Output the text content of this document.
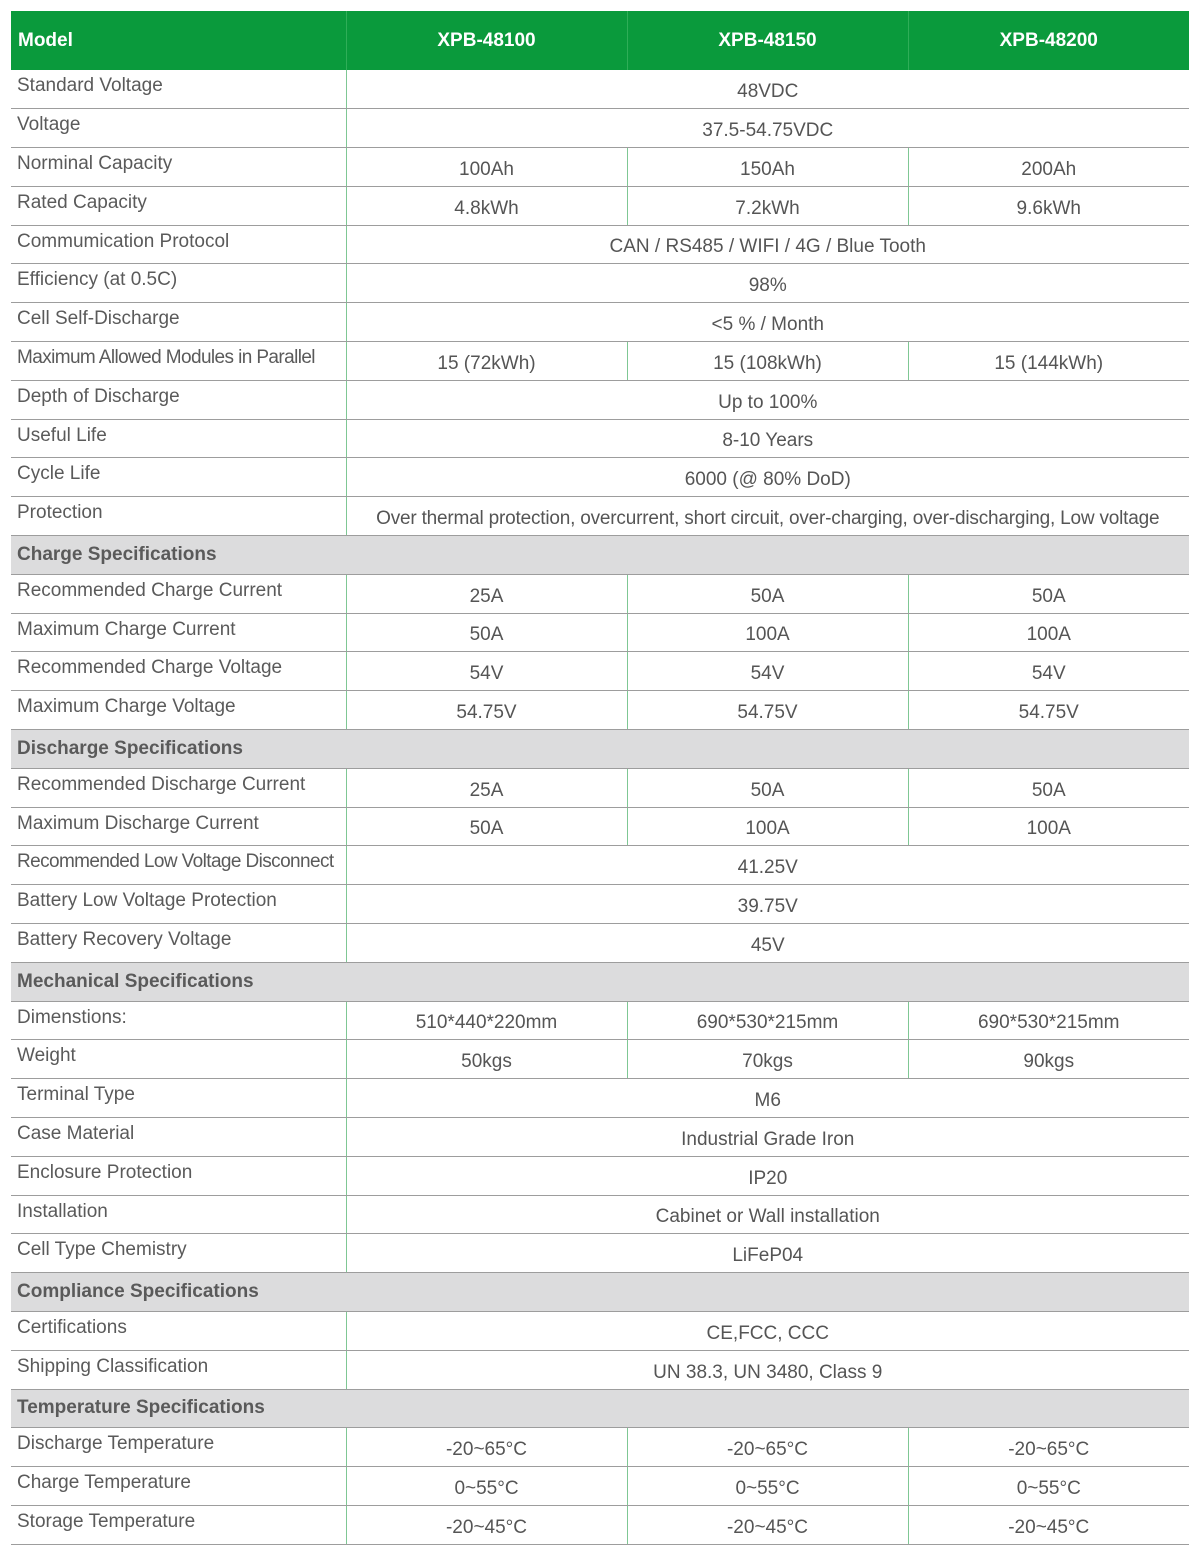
Model	XPB-48100	XPB-48150	XPB-48200
Standard Voltage	48VDC		
Voltage	37.5-54.75VDC		
Norminal Capacity	100Ah	150Ah	200Ah
Rated Capacity	4.8kWh	7.2kWh	9.6kWh
Commumication Protocol	CAN / RS485 / WIFI / 4G / Blue Tooth		
Efficiency (at 0.5C)	98%		
Cell Self-Discharge	<5 % / Month		
Maximum Allowed Modules in Parallel	15 (72kWh)	15 (108kWh)	15 (144kWh)
Depth of Discharge	Up to 100%		
Useful Life	8-10 Years		
Cycle Life	6000 (@ 80% DoD)		
Protection	Over thermal protection, overcurrent, short circuit, over-charging, over-discharging, Low voltage		
Charge Specifications			
Recommended Charge Current	25A	50A	50A
Maximum Charge Current	50A	100A	100A
Recommended Charge Voltage	54V	54V	54V
Maximum Charge Voltage	54.75V	54.75V	54.75V
Discharge Specifications			
Recommended Discharge Current	25A	50A	50A
Maximum Discharge Current	50A	100A	100A
Recommended Low Voltage Disconnect	41.25V		
Battery Low Voltage Protection	39.75V		
Battery Recovery Voltage	45V		
Mechanical Specifications			
Dimenstions:	510*440*220mm	690*530*215mm	690*530*215mm
Weight	50kgs	70kgs	90kgs
Terminal Type	M6		
Case Material	Industrial Grade Iron		
Enclosure Protection	IP20		
Installation	Cabinet or Wall installation		
Cell Type Chemistry	LiFeP04		
Compliance Specifications			
Certifications	CE,FCC, CCC		
Shipping Classification	UN 38.3, UN 3480, Class 9		
Temperature Specifications			
Discharge Temperature	-20~65°C	-20~65°C	-20~65°C
Charge Temperature	0~55°C	0~55°C	0~55°C
Storage Temperature	-20~45°C	-20~45°C	-20~45°C
